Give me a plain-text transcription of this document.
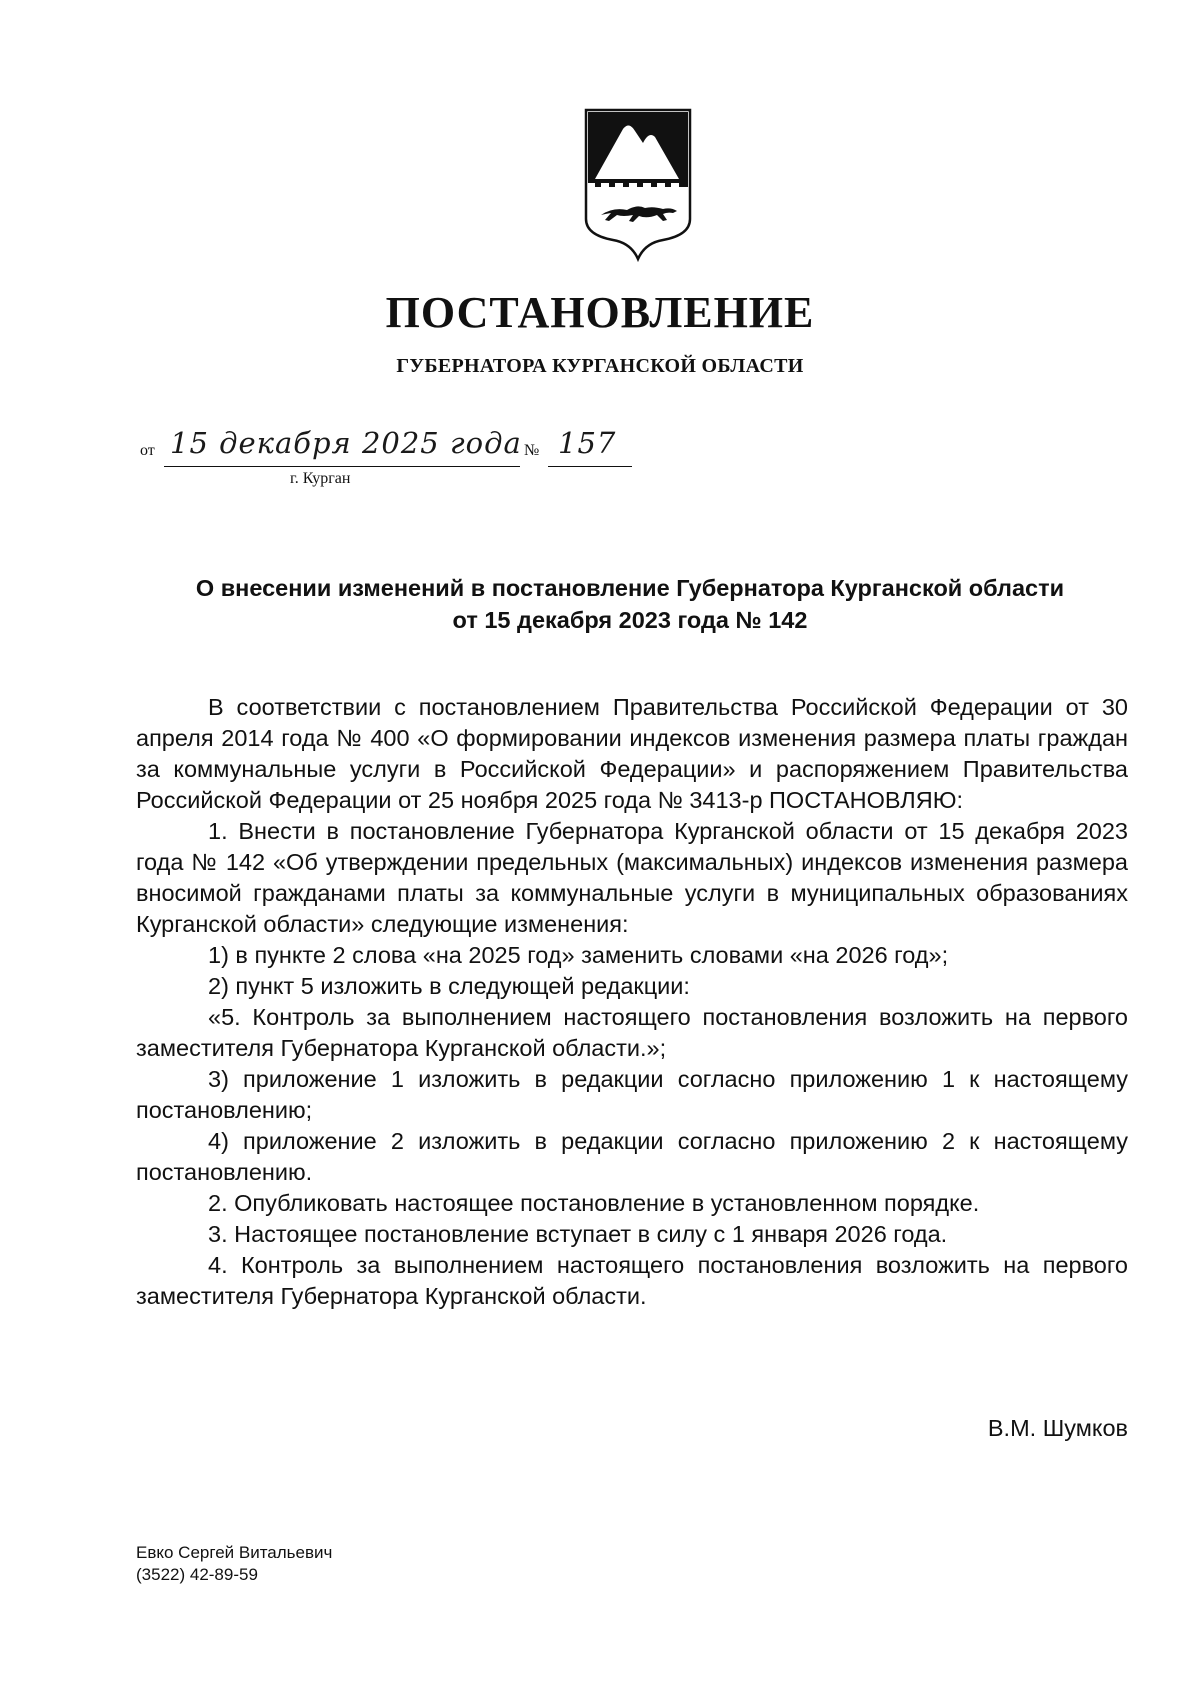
ПОСТАНОВЛЕНИЕ
ГУБЕРНАТОРА КУРГАНСКОЙ ОБЛАСТИ
от 15 декабря 2025 года № 157
г. Курган
О внесении изменений в постановление Губернатора Курганской области
от 15 декабря 2023 года № 142

В соответствии с постановлением Правительства Российской Федерации от 30 апреля 2014 года № 400 «О формировании индексов изменения размера платы граждан за коммунальные услуги в Российской Федерации» и распоряжением Правительства Российской Федерации от 25 ноября 2025 года № 3413-р ПОСТАНОВЛЯЮ:

1. Внести в постановление Губернатора Курганской области от 15 декабря 2023 года № 142 «Об утверждении предельных (максимальных) индексов изменения размера вносимой гражданами платы за коммунальные услуги в муниципальных образованиях Курганской области» следующие изменения:

1) в пункте 2 слова «на 2025 год» заменить словами «на 2026 год»;

2) пункт 5 изложить в следующей редакции:

«5. Контроль за выполнением настоящего постановления возложить на первого заместителя Губернатора Курганской области.»;

3) приложение 1 изложить в редакции согласно приложению 1 к настоящему постановлению;

4) приложение 2 изложить в редакции согласно приложению 2 к настоящему постановлению.

2. Опубликовать настоящее постановление в установленном порядке.

3. Настоящее постановление вступает в силу с 1 января 2026 года.

4. Контроль за выполнением настоящего постановления возложить на первого заместителя Губернатора Курганской области.

В.М. Шумков
Евко Сергей Витальевич
(3522) 42-89-59
